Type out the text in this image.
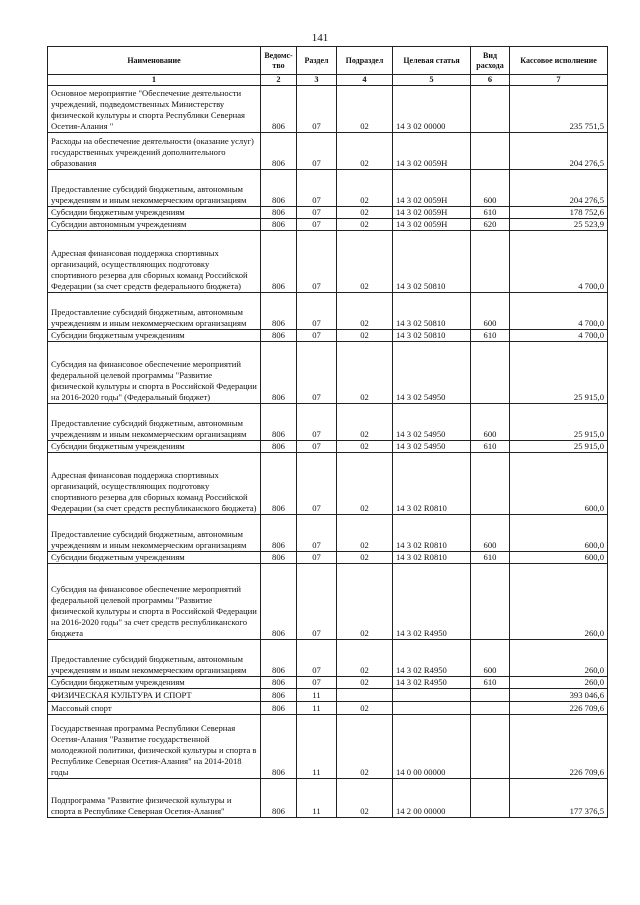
141
Наименование	Ведомс-тво	Раздел	Подраздел	Целевая статья	Вид расхода	Кассовое исполнение
1	2	3	4	5	6	7
Основное мероприятие "Обеспечение деятельности учреждений, подведомственных Министерству физической культуры и спорта Республики Северная Осетия-Алания "	806	07	02	14 3 02 00000		235 751,5
Расходы на обеспечение деятельности (оказание услуг) государственных учреждений дополнительного образования	806	07	02	14 3 02 0059Н		204 276,5
Предоставление субсидий бюджетным, автономным учреждениям и иным некоммерческим организациям	806	07	02	14 3 02 0059Н	600	204 276,5
Субсидии бюджетным учреждениям	806	07	02	14 3 02 0059Н	610	178 752,6
Субсидии автономным учреждениям	806	07	02	14 3 02 0059Н	620	25 523,9
Адресная финансовая поддержка спортивных организаций, осуществляющих подготовку спортивного резерва для сборных команд Российской Федерации (за счет средств федерального бюджета)	806	07	02	14 3 02 50810		4 700,0
Предоставление субсидий бюджетным, автономным учреждениям и иным некоммерческим организациям	806	07	02	14 3 02 50810	600	4 700,0
Субсидии бюджетным учреждениям	806	07	02	14 3 02 50810	610	4 700,0
Субсидия на финансовое обеспечение мероприятий федеральной целевой программы "Развитие физической культуры и спорта в Российской Федерации на 2016-2020 годы" (Федеральный бюджет)	806	07	02	14 3 02 54950		25 915,0
Предоставление субсидий бюджетным, автономным учреждениям и иным некоммерческим организациям	806	07	02	14 3 02 54950	600	25 915,0
Субсидии бюджетным учреждениям	806	07	02	14 3 02 54950	610	25 915,0
Адресная финансовая поддержка спортивных организаций, осуществляющих подготовку спортивного резерва для сборных команд Российской Федерации (за счет средств республиканского бюджета)	806	07	02	14 3 02 R0810		600,0
Предоставление субсидий бюджетным, автономным учреждениям и иным некоммерческим организациям	806	07	02	14 3 02 R0810	600	600,0
Субсидии бюджетным учреждениям	806	07	02	14 3 02 R0810	610	600,0
Субсидия на финансовое обеспечение мероприятий федеральной целевой программы "Развитие физической культуры и спорта в Российской Федерации на 2016-2020 годы" за счет средств республиканского бюджета	806	07	02	14 3 02 R4950		260,0
Предоставление субсидий бюджетным, автономным учреждениям и иным некоммерческим организациям	806	07	02	14 3 02 R4950	600	260,0
Субсидии бюджетным учреждениям	806	07	02	14 3 02 R4950	610	260,0
ФИЗИЧЕСКАЯ КУЛЬТУРА И СПОРТ	806	11				393 046,6
Массовый спорт	806	11	02			226 709,6
Государственная программа Республики Северная Осетия-Алания "Развитие государственной молодежной политики, физической культуры и спорта в Республике Северная Осетия-Алания" на 2014-2018 годы	806	11	02	14 0 00 00000		226 709,6
Подпрограмма "Развитие физической культуры и спорта в Республике Северная Осетия-Алания"	806	11	02	14 2 00 00000		177 376,5
